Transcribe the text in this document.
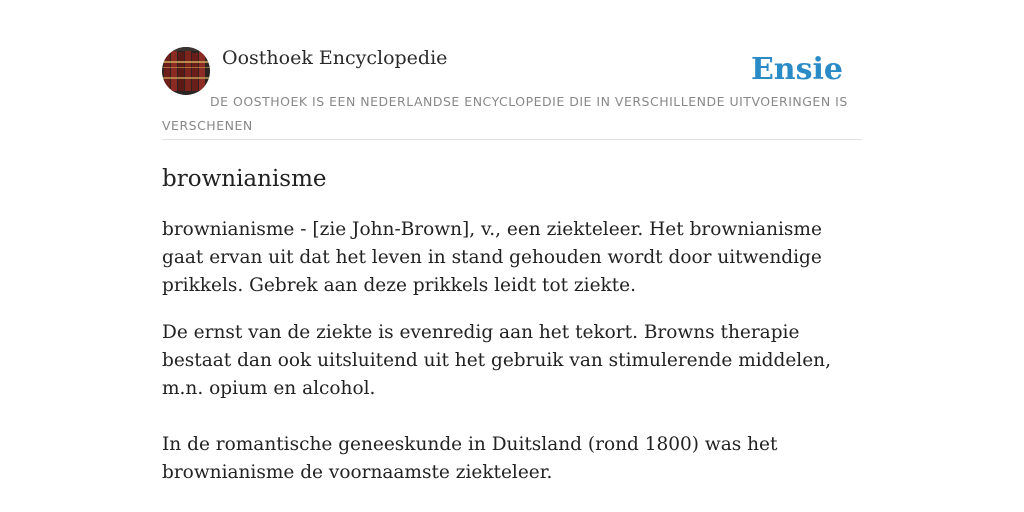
Oosthoek Encyclopedie	Ensie
DE OOSTHOEK IS EEN NEDERLANDSE ENCYCLOPEDIE DIE IN VERSCHILLENDE UITVOERINGEN IS VERSCHENEN
brownianisme

brownianisme - [zie John-Brown], v., een ziekteleer. Het brownianisme gaat ervan uit dat het leven in stand gehouden wordt door uitwendige prikkels. Gebrek aan deze prikkels leidt tot ziekte.

De ernst van de ziekte is evenredig aan het tekort. Browns therapie bestaat dan ook uitsluitend uit het gebruik van stimulerende middelen, m.n. opium en alcohol.

In de romantische geneeskunde in Duitsland (rond 1800) was het brownianisme de voornaamste ziekteleer.
